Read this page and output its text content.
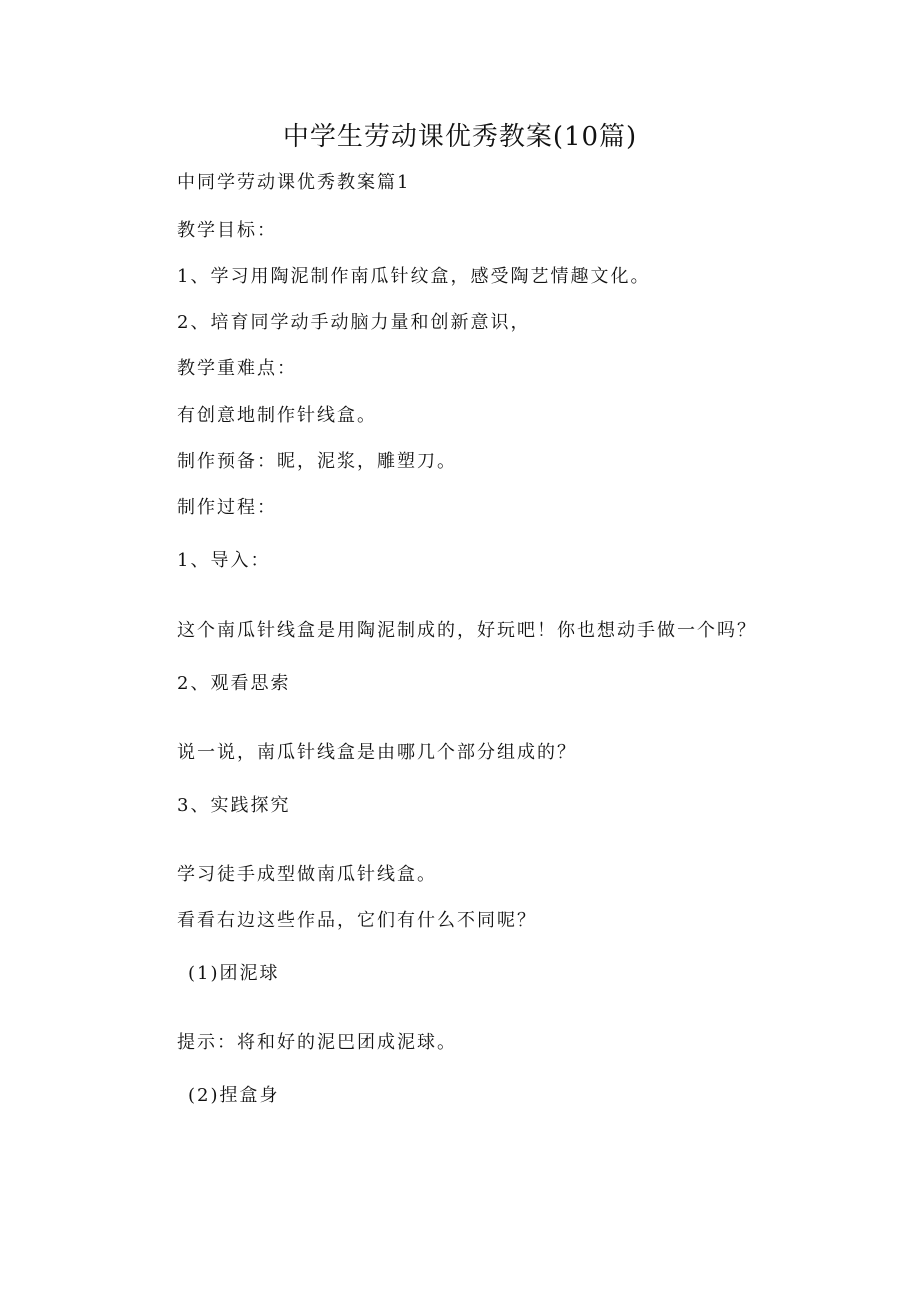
中学生劳动课优秀教案(10篇)
中同学劳动课优秀教案篇1
教学目标：
1、学习用陶泥制作南瓜针纹盒，感受陶艺情趣文化。
2、培育同学动手动脑力量和创新意识，
教学重难点：
有创意地制作针线盒。
制作预备：昵，泥浆，雕塑刀。
制作过程：
1、导入：
这个南瓜针线盒是用陶泥制成的，好玩吧！你也想动手做一个吗？
2、观看思索
说一说，南瓜针线盒是由哪几个部分组成的？
3、实践探究
学习徒手成型做南瓜针线盒。
看看右边这些作品，它们有什么不同呢？
(1)团泥球
提示：将和好的泥巴团成泥球。
(2)捏盒身
